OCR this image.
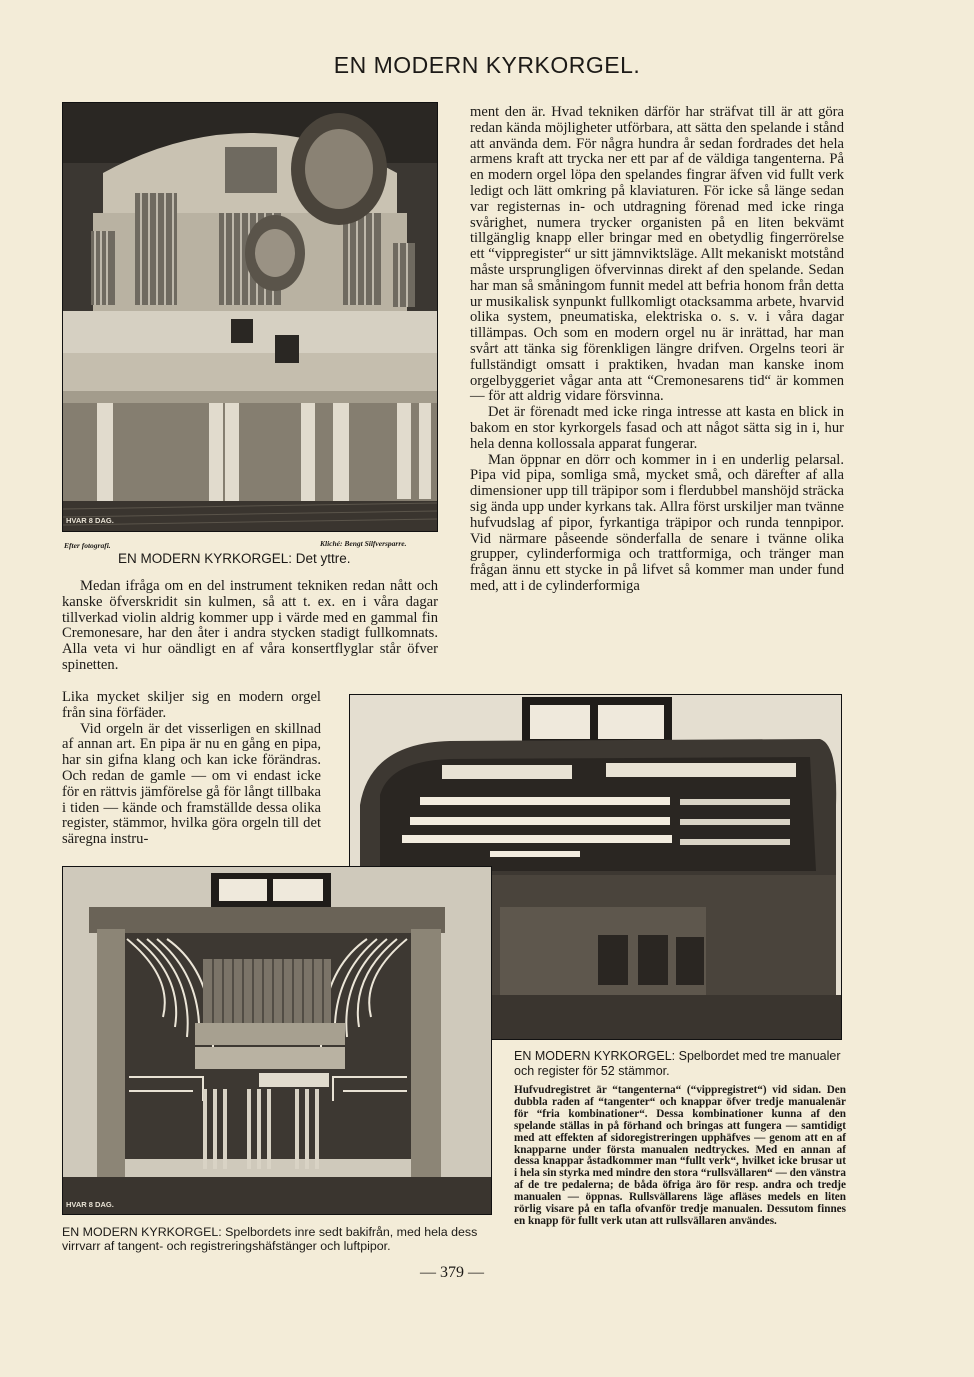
EN MODERN KYRKORGEL.

HVAR 8 DAG.

Efter fotografi.	Kliché: Bengt Silfversparre.

EN MODERN KYRKORGEL: Det yttre.

Medan ifråga om en del instrument tekniken redan nått och kanske öfverskridit sin kulmen, så att t. ex. en i våra dagar tillverkad violin aldrig kommer upp i värde med en gammal fin Cremonesare, har den åter i andra stycken stadigt fullkomnats. Alla veta vi hur oändligt en af våra konsertflyglar står öfver spinetten.

Lika mycket skiljer sig en modern orgel från sina förfäder.

Vid orgeln är det visserligen en skillnad af annan art. En pipa är nu en gång en pipa, har sin gifna klang och kan icke förändras. Och redan de gamle — om vi endast icke för en rättvis jämförelse gå för långt tillbaka i tiden — kände och framställde dessa olika register, stämmor, hvilka göra orgeln till det säregna instru-

ment den är. Hvad tekniken därför har sträfvat till är att göra redan kända möjligheter utförbara, att sätta den spelande i stånd att använda dem. För några hundra år sedan fordrades det hela armens kraft att trycka ner ett par af de väldiga tangenterna. På en modern orgel löpa den spelandes fingrar äfven vid fullt verk ledigt och lätt omkring på klaviaturen. För icke så länge sedan var registernas in- och utdragning förenad med icke ringa svårighet, numera trycker organisten på en liten bekvämt tillgänglig knapp eller bringar med en obetydlig fingerrörelse ett “vippregister“ ur sitt jämnviktsläge. Allt mekaniskt motstånd måste ursprungligen öfvervinnas direkt af den spelande. Sedan har man så småningom funnit medel att befria honom från detta ur musikalisk synpunkt fullkomligt otacksamma arbete, hvarvid olika system, pneumatiska, elektriska o. s. v. i våra dagar tillämpas. Och som en modern orgel nu är inrättad, har man svårt att tänka sig förenkligen längre drifven. Orgelns teori är fullständigt omsatt i praktiken, hvadan man kanske inom orgelbyggeriet vågar anta att “Cremonesarens tid“ är kommen — för att aldrig vidare försvinna.

Det är förenadt med icke ringa intresse att kasta en blick in bakom en stor kyrkorgels fasad och att något sätta sig in i, hur hela denna kollossala apparat fungerar.

Man öppnar en dörr och kommer in i en underlig pelarsal. Pipa vid pipa, somliga små, mycket små, och därefter af alla dimensioner upp till träpipor som i flerdubbel manshöjd sträcka sig ända upp under kyrkans tak. Allra först urskiljer man tvänne hufvudslag af pipor, fyrkantiga träpipor och runda tennpipor. Vid närmare påseende sönderfalla de senare i tvänne olika grupper, cylinderformiga och trattformiga, och tränger man frågan ännu ett stycke in på lifvet så kommer man under fund med, att i de cylinderformiga

EN MODERN KYRKORGEL: Spelbordet med tre manualer och register för 52 stämmor.

Hufvudregistret är “tangenterna“ (“vippregistret“) vid sidan. Den dubbla raden af “tangenter“ och knappar öfver tredje manualenär för “fria kombinationer“. Dessa kombinationer kunna af den spelande ställas in på förhand och bringas att fungera — samtidigt med att effekten af sidoregistreringen upphäfves — genom att en af knapparne under första manualen nedtryckes. Med en annan af dessa knappar åstadkommer man “fullt verk“, hvilket icke brusar ut i hela sin styrka med mindre den stora “rullsvällaren“ — den vänstra af de tre pedalerna; de båda öfriga äro för resp. andra och tredje manualen — öppnas. Rullsvällarens läge afläses medels en liten rörlig visare på en tafla ofvanför tredje manualen. Dessutom finnes en knapp för fullt verk utan att rullsvällaren användes.

HVAR 8 DAG.

EN MODERN KYRKORGEL: Spelbordets inre sedt bakifrån, med hela dess virrvarr af tangent- och registreringshäfstänger och luftpipor.

— 379 —
